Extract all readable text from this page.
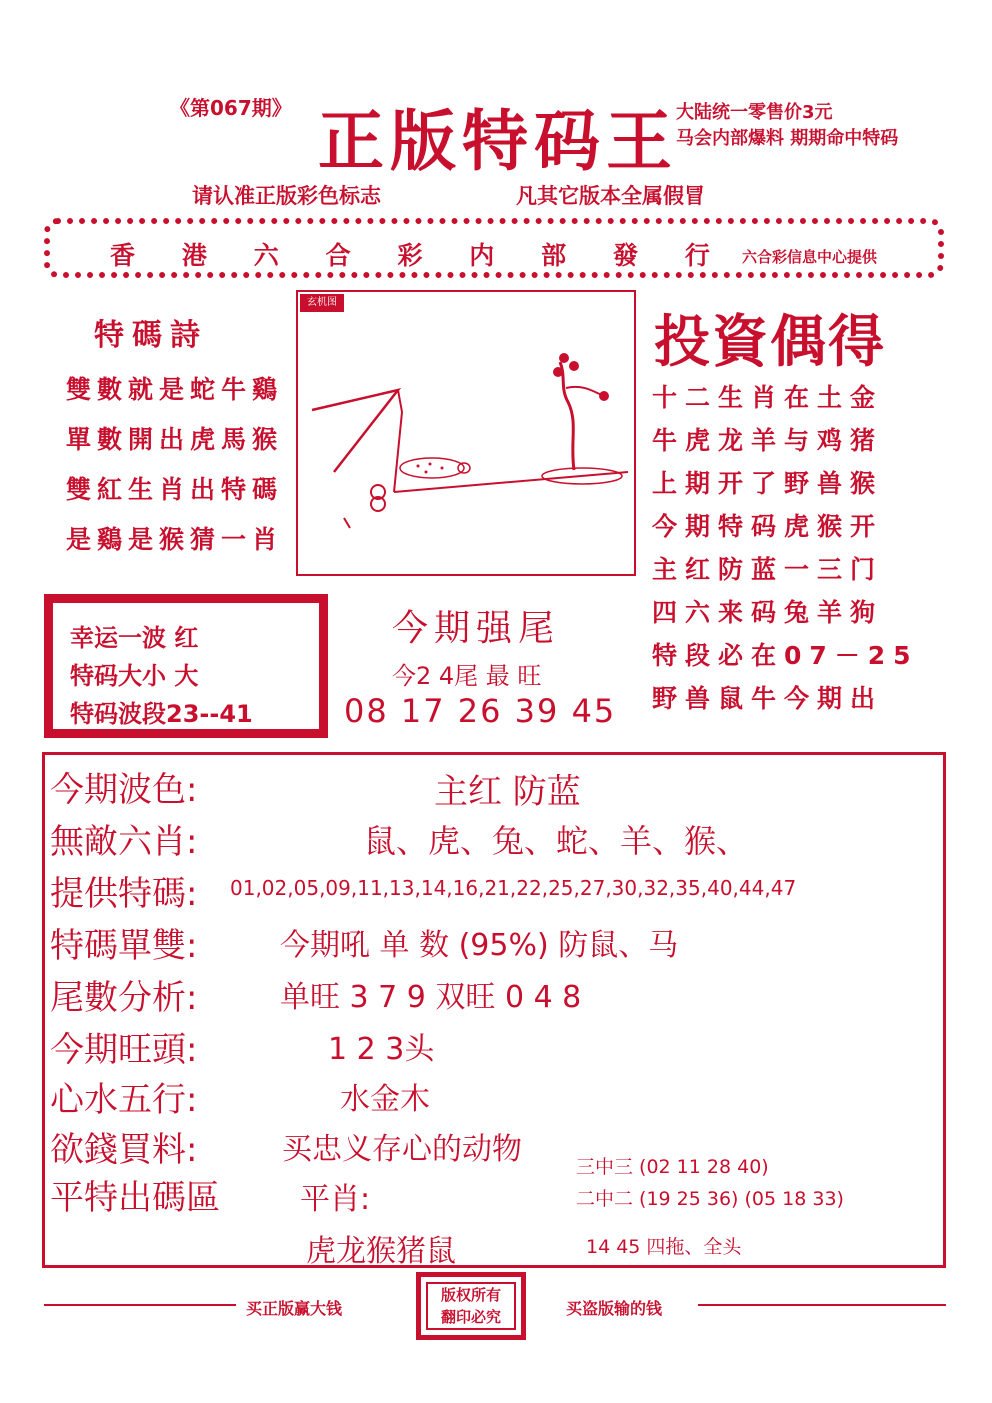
《第067期》 正版特码王
大陆统一零售价3元
马会内部爆料 期期命中特码
请认准正版彩色标志	凡其它版本全属假冒
香 港 六 合 彩 内 部 發 行 六合彩信息中心提供
特碼詩
雙數就是蛇牛鷄
單數開出虎馬猴
雙紅生肖出特碼
是鷄是猴猜一肖
玄机图
投資偶得
十二生肖在土金
牛虎龙羊与鸡猪
上期开了野兽猴
今期特码虎猴开
主红防蓝一三门
四六来码兔羊狗
特段必在07－25
野兽鼠牛今期出
幸运一波 红
特码大小 大
特码波段23--41
今期强尾
今2 4尾 最 旺
08 17 26 39 45
今期波色:	主红 防蓝
無敵六肖:	鼠、虎、兔、蛇、羊、猴、
提供特碼: 01,02,05,09,11,13,14,16,21,22,25,27,30,32,35,40,44,47
特碼單雙:	今期吼 单 数 (95%) 防鼠、马
尾數分析:	单旺 3 7 9 双旺 0 4 8
今期旺頭:	1 2 3头
心水五行:	水金木
欲錢買料:	买忠义存心的动物
平特出碼區	平肖:
虎龙猴猪鼠
三中三 (02 11 28 40)
二中二 (19 25 36) (05 18 33)
14 45 四拖、全头
买正版赢大钱
版权所有
翻印必究	买盗版输的钱
